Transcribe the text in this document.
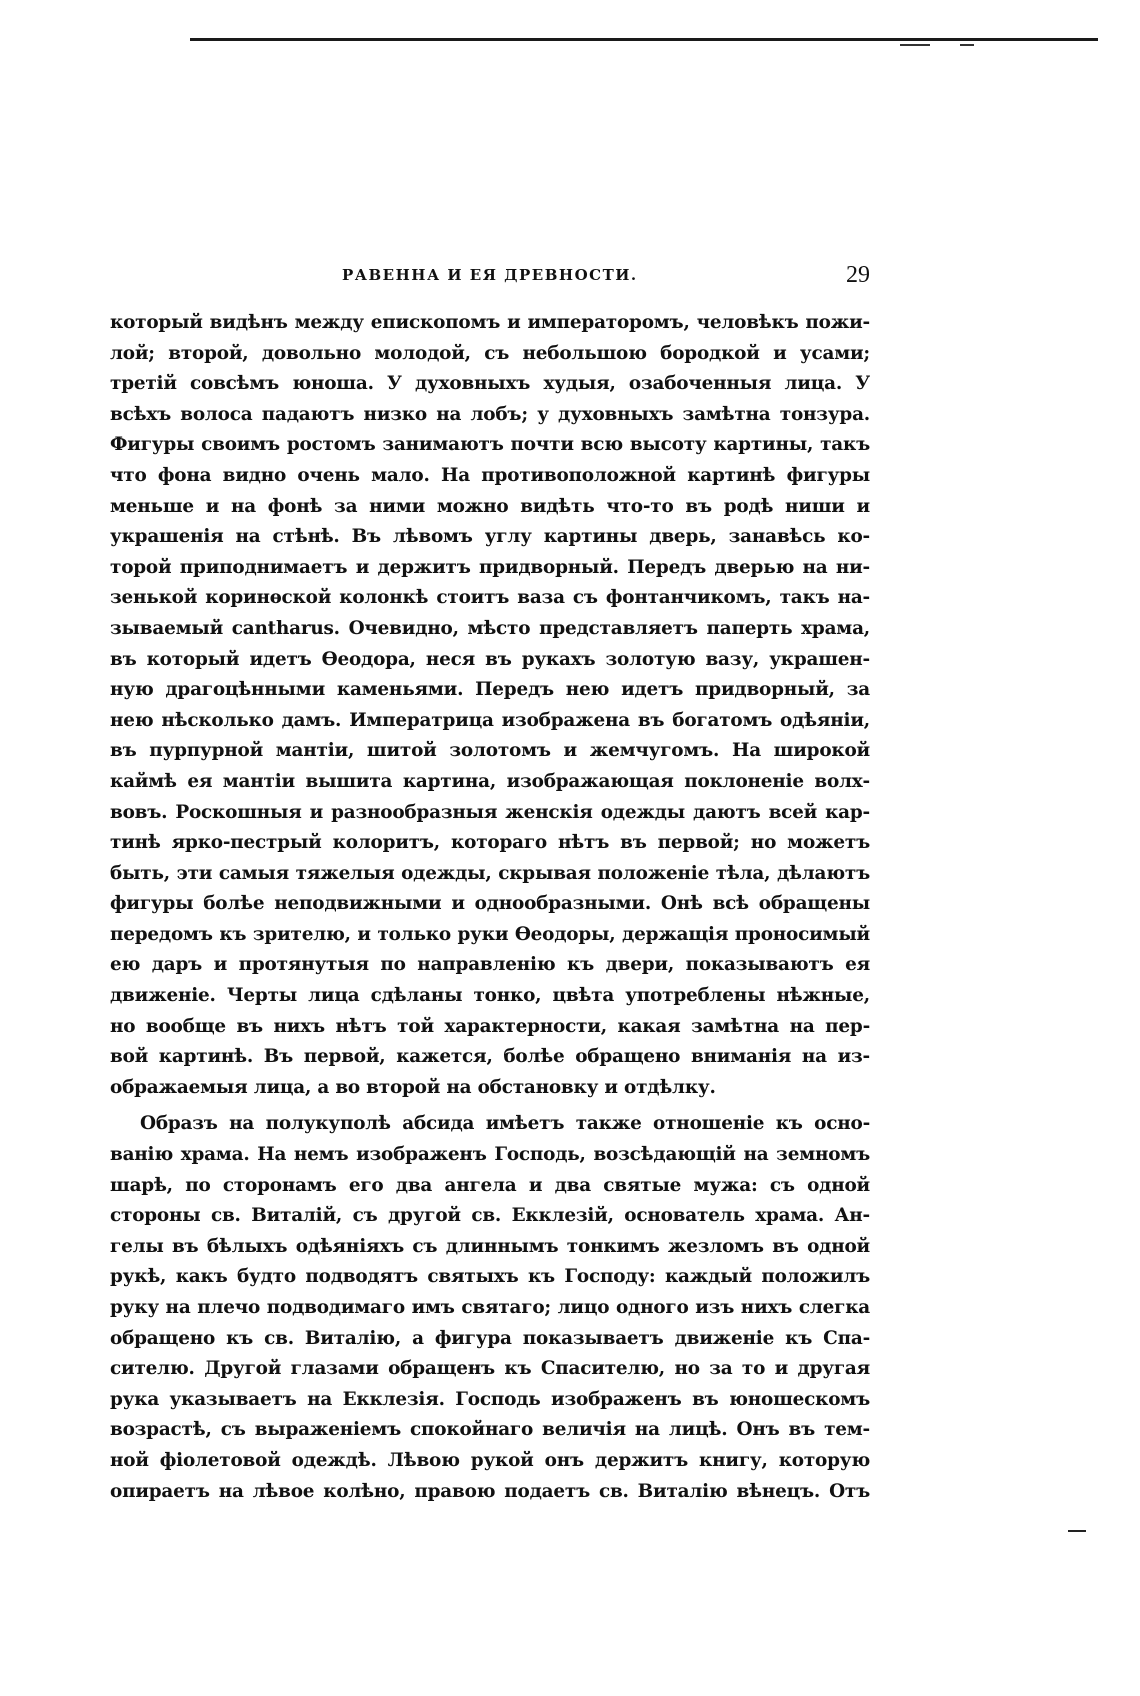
РАВЕННА И ЕЯ ДРЕВНОСТИ.	29
который видѣнъ между епископомъ и императоромъ, человѣкъ пожи-
лой; второй, довольно молодой, съ небольшою бородкой и усами;
третій совсѣмъ юноша. У духовныхъ худыя, озабоченныя лица. У
всѣхъ волоса падаютъ низко на лобъ; у духовныхъ замѣтна тонзура.
Фигуры своимъ ростомъ занимаютъ почти всю высоту картины, такъ
что фона видно очень мало. На противоположной картинѣ фигуры
меньше и на фонѣ за ними можно видѣть что-то въ родѣ ниши и
украшенія на стѣнѣ. Въ лѣвомъ углу картины дверь, занавѣсь ко-
торой приподнимаетъ и держитъ придворный. Передъ дверью на ни-
зенькой коринѳской колонкѣ стоитъ ваза съ фонтанчикомъ, такъ на-
зываемый cantharus. Очевидно, мѣсто представляетъ паперть храма,
въ который идетъ Ѳеодора, неся въ рукахъ золотую вазу, украшен-
ную драгоцѣнными каменьями. Передъ нею идетъ придворный, за
нею нѣсколько дамъ. Императрица изображена въ богатомъ одѣяніи,
въ пурпурной мантіи, шитой золотомъ и жемчугомъ. На широкой
каймѣ ея мантіи вышита картина, изображающая поклоненіе волх-
вовъ. Роскошныя и разнообразныя женскія одежды даютъ всей кар-
тинѣ ярко-пестрый колоритъ, котораго нѣтъ въ первой; но можетъ
быть, эти самыя тяжелыя одежды, скрывая положеніе тѣла, дѣлаютъ
фигуры болѣе неподвижными и однообразными. Онѣ всѣ обращены
передомъ къ зрителю, и только руки Ѳеодоры, держащія проносимый
ею даръ и протянутыя по направленію къ двери, показываютъ ея
движеніе. Черты лица сдѣланы тонко, цвѣта употреблены нѣжные,
но вообще въ нихъ нѣтъ той характерности, какая замѣтна на пер-
вой картинѣ. Въ первой, кажется, болѣе обращено вниманія на из-
ображаемыя лица, а во второй на обстановку и отдѣлку.
Образъ на полукуполѣ абсида имѣетъ также отношеніе къ осно-
ванію храма. На немъ изображенъ Господь, возсѣдающій на земномъ
шарѣ, по сторонамъ его два ангела и два святые мужа: съ одной
стороны св. Виталій, съ другой св. Екклезій, основатель храма. Ан-
гелы въ бѣлыхъ одѣяніяхъ съ длиннымъ тонкимъ жезломъ въ одной
рукѣ, какъ будто подводятъ святыхъ къ Господу: каждый положилъ
руку на плечо подводимаго имъ святаго; лицо одного изъ нихъ слегка
обращено къ св. Виталію, а фигура показываетъ движеніе къ Спа-
сителю. Другой глазами обращенъ къ Спасителю, но за то и другая
рука указываетъ на Екклезія. Господь изображенъ въ юношескомъ
возрастѣ, съ выраженіемъ спокойнаго величія на лицѣ. Онъ въ тем-
ной фіолетовой одеждѣ. Лѣвою рукой онъ держитъ книгу, которую
опираетъ на лѣвое колѣно, правою подаетъ св. Виталію вѣнецъ. Отъ
